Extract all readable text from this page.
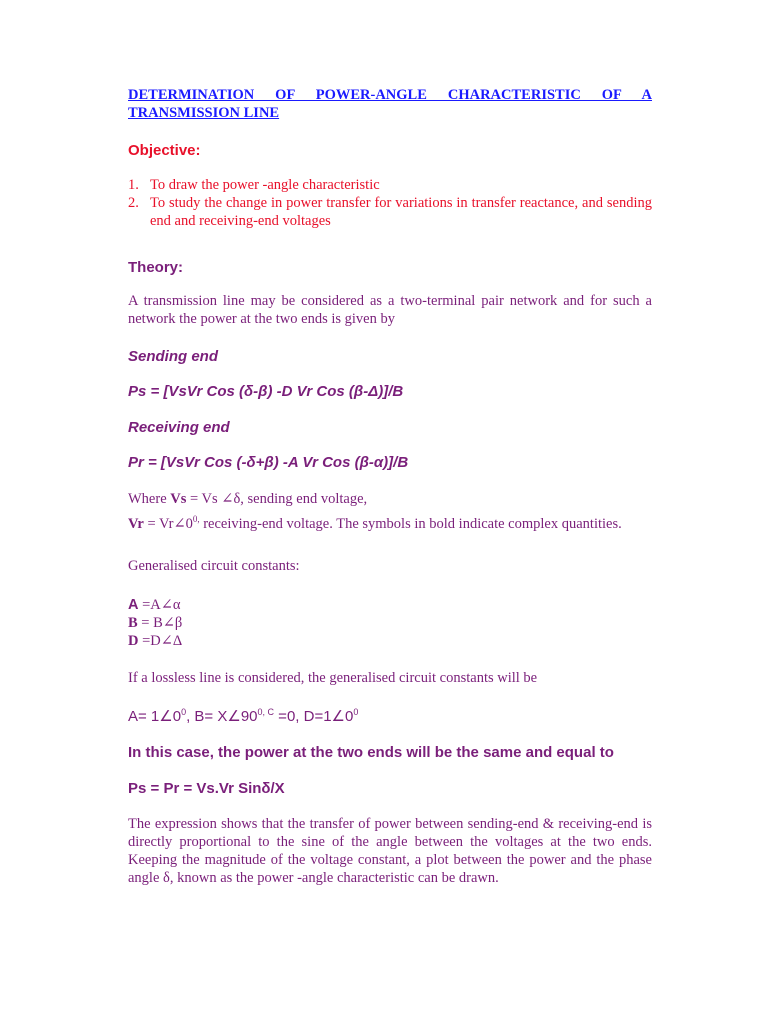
DETERMINATION OF POWER-ANGLE CHARACTERISTIC OF A TRANSMISSION LINE

Objective:
1. To draw the power -angle characteristic
2. To study the change in power transfer for variations in transfer reactance, and sending end and receiving-end voltages
Theory:

A transmission line may be considered as a two-terminal pair network and for such a network the power at the two ends is given by

Sending end
Ps = [VsVr Cos (δ-β) -D Vr Cos (β-Δ)]/B
Receiving end
Pr = [VsVr Cos (-δ+β) -A Vr Cos (β-α)]/B

Where Vs = Vs ∠δ, sending end voltage,

$Vr = Vr\angle 0^{0,}$ receiving-end voltage. The symbols in bold indicate complex quantities.

Generalised circuit constants:

A =A∠α
B = B∠β
D =D∠Δ

If a lossless line is considered, the generalised circuit constants will be

$A= 1\angle 0^0$, $B= X\angle 90^{0, C} =0$, $D=1\angle 0^0$

In this case, the power at the two ends will be the same and equal to
Ps = Pr = Vs.Vr Sinδ/X

The expression shows that the transfer of power between sending-end & receiving-end is directly proportional to the sine of the angle between the voltages at the two ends. Keeping the magnitude of the voltage constant, a plot between the power and the phase angle δ, known as the power -angle characteristic can be drawn.
